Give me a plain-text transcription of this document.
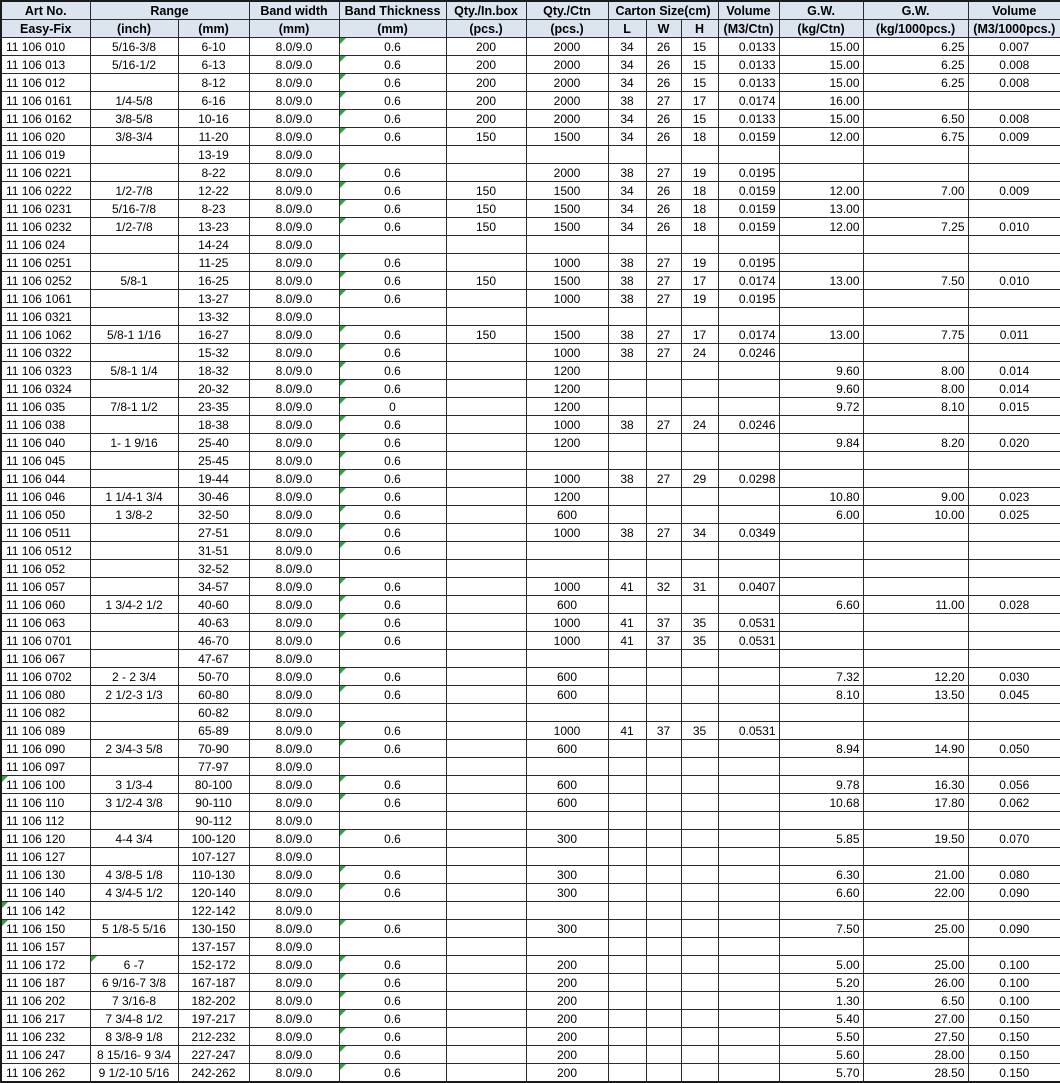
Art No.	Range		Band width	Band Thickness	Qty./In.box	Qty./Ctn	Carton Size(cm)			Volume	G.W.	G.W.	Volume
Easy-Fix	(inch)	(mm)	(mm)	(mm)	(pcs.)	(pcs.)	L	W	H	(M3/Ctn)	(kg/Ctn)	(kg/1000pcs.)	(M3/1000pcs.)
11 106 010	5/16-3/8	6-10	8.0/9.0	0.6	200	2000	34	26	15	0.0133	15.00	6.25	0.007
11 106 013	5/16-1/2	6-13	8.0/9.0	0.6	200	2000	34	26	15	0.0133	15.00	6.25	0.008
11 106 012		8-12	8.0/9.0	0.6	200	2000	34	26	15	0.0133	15.00	6.25	0.008
11 106 0161	1/4-5/8	6-16	8.0/9.0	0.6	200	2000	38	27	17	0.0174	16.00		
11 106 0162	3/8-5/8	10-16	8.0/9.0	0.6	200	2000	34	26	15	0.0133	15.00	6.50	0.008
11 106 020	3/8-3/4	11-20	8.0/9.0	0.6	150	1500	34	26	18	0.0159	12.00	6.75	0.009
11 106 019		13-19	8.0/9.0										
11 106 0221		8-22	8.0/9.0	0.6		2000	38	27	19	0.0195			
11 106 0222	1/2-7/8	12-22	8.0/9.0	0.6	150	1500	34	26	18	0.0159	12.00	7.00	0.009
11 106 0231	5/16-7/8	8-23	8.0/9.0	0.6	150	1500	34	26	18	0.0159	13.00		
11 106 0232	1/2-7/8	13-23	8.0/9.0	0.6	150	1500	34	26	18	0.0159	12.00	7.25	0.010
11 106 024		14-24	8.0/9.0										
11 106 0251		11-25	8.0/9.0	0.6		1000	38	27	19	0.0195			
11 106 0252	5/8-1	16-25	8.0/9.0	0.6	150	1500	38	27	17	0.0174	13.00	7.50	0.010
11 106 1061		13-27	8.0/9.0	0.6		1000	38	27	19	0.0195			
11 106 0321		13-32	8.0/9.0										
11 106 1062	5/8-1 1/16	16-27	8.0/9.0	0.6	150	1500	38	27	17	0.0174	13.00	7.75	0.011
11 106 0322		15-32	8.0/9.0	0.6		1000	38	27	24	0.0246			
11 106 0323	5/8-1 1/4	18-32	8.0/9.0	0.6		1200					9.60	8.00	0.014
11 106 0324		20-32	8.0/9.0	0.6		1200					9.60	8.00	0.014
11 106 035	7/8-1 1/2	23-35	8.0/9.0	0		1200					9.72	8.10	0.015
11 106 038		18-38	8.0/9.0	0.6		1000	38	27	24	0.0246			
11 106 040	1- 1 9/16	25-40	8.0/9.0	0.6		1200					9.84	8.20	0.020
11 106 045		25-45	8.0/9.0	0.6									
11 106 044		19-44	8.0/9.0	0.6		1000	38	27	29	0.0298			
11 106 046	1 1/4-1 3/4	30-46	8.0/9.0	0.6		1200					10.80	9.00	0.023
11 106 050	1 3/8-2	32-50	8.0/9.0	0.6		600					6.00	10.00	0.025
11 106 0511		27-51	8.0/9.0	0.6		1000	38	27	34	0.0349			
11 106 0512		31-51	8.0/9.0	0.6									
11 106 052		32-52	8.0/9.0										
11 106 057		34-57	8.0/9.0	0.6		1000	41	32	31	0.0407			
11 106 060	1 3/4-2 1/2	40-60	8.0/9.0	0.6		600					6.60	11.00	0.028
11 106 063		40-63	8.0/9.0	0.6		1000	41	37	35	0.0531			
11 106 0701		46-70	8.0/9.0	0.6		1000	41	37	35	0.0531			
11 106 067		47-67	8.0/9.0										
11 106 0702	2 - 2 3/4	50-70	8.0/9.0	0.6		600					7.32	12.20	0.030
11 106 080	2 1/2-3 1/3	60-80	8.0/9.0	0.6		600					8.10	13.50	0.045
11 106 082		60-82	8.0/9.0										
11 106 089		65-89	8.0/9.0	0.6		1000	41	37	35	0.0531			
11 106 090	2 3/4-3 5/8	70-90	8.0/9.0	0.6		600					8.94	14.90	0.050
11 106 097		77-97	8.0/9.0										
11 106 100	3 1/3-4	80-100	8.0/9.0	0.6		600					9.78	16.30	0.056
11 106 110	3 1/2-4 3/8	90-110	8.0/9.0	0.6		600					10.68	17.80	0.062
11 106 112		90-112	8.0/9.0										
11 106 120	4-4 3/4	100-120	8.0/9.0	0.6		300					5.85	19.50	0.070
11 106 127		107-127	8.0/9.0										
11 106 130	4 3/8-5 1/8	110-130	8.0/9.0	0.6		300					6.30	21.00	0.080
11 106 140	4 3/4-5 1/2	120-140	8.0/9.0	0.6		300					6.60	22.00	0.090
11 106 142		122-142	8.0/9.0										
11 106 150	5 1/8-5 5/16	130-150	8.0/9.0	0.6		300					7.50	25.00	0.090
11 106 157		137-157	8.0/9.0										
11 106 172	6 -7	152-172	8.0/9.0	0.6		200					5.00	25.00	0.100
11 106 187	6 9/16-7 3/8	167-187	8.0/9.0	0.6		200					5.20	26.00	0.100
11 106 202	7 3/16-8	182-202	8.0/9.0	0.6		200					1.30	6.50	0.100
11 106 217	7 3/4-8 1/2	197-217	8.0/9.0	0.6		200					5.40	27.00	0.150
11 106 232	8 3/8-9 1/8	212-232	8.0/9.0	0.6		200					5.50	27.50	0.150
11 106 247	8 15/16- 9 3/4	227-247	8.0/9.0	0.6		200					5.60	28.00	0.150
11 106 262	9 1/2-10 5/16	242-262	8.0/9.0	0.6		200					5.70	28.50	0.150
